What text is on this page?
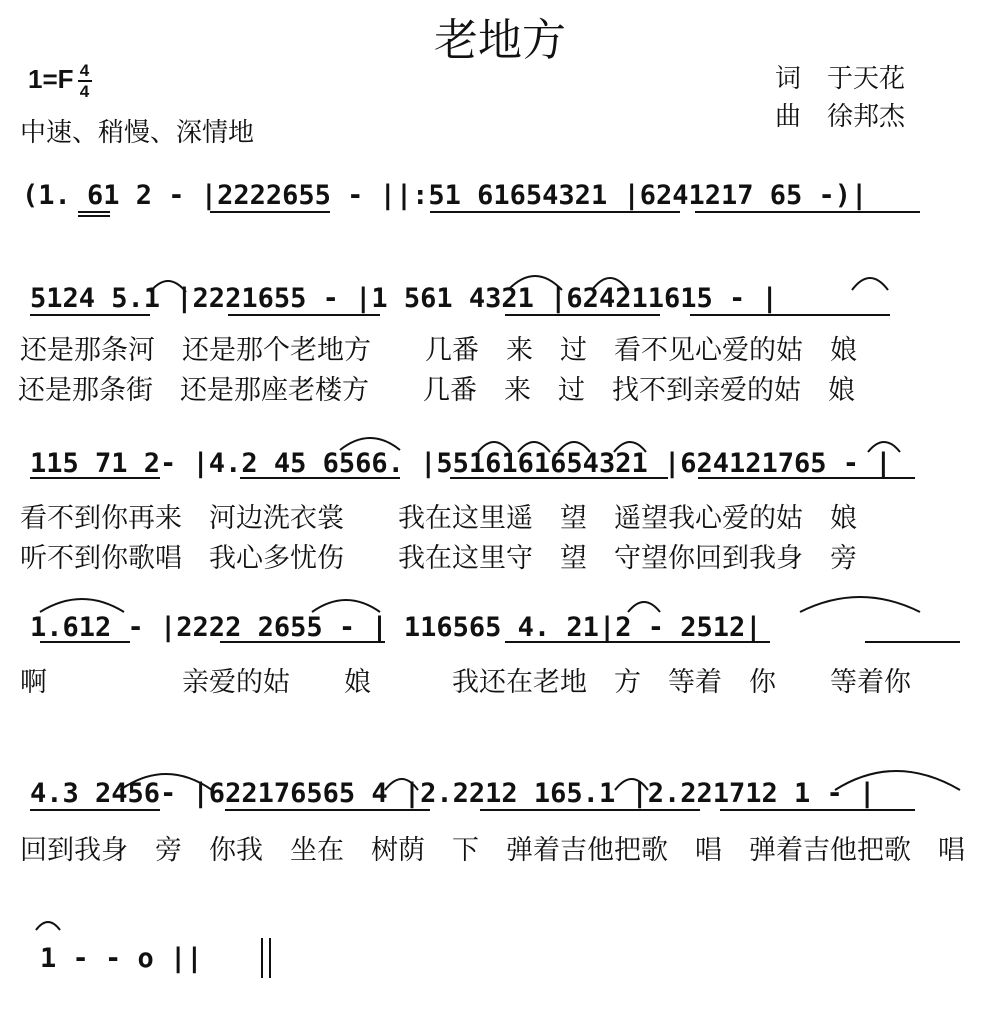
老地方
$1=F \frac{4}{4}$
中速、稍慢、深情地
词　于天花
曲　徐邦杰
(1. 61 2 - |2222655 - ||:51 61654321 |6241217 65 -)|
5124 5.1 |2221655 - |1 561 4321 |624211615 - |
还是那条河　还是那个老地方　　几番　来　过　看不见心爱的姑　娘
还是那条街　还是那座老楼方　　几番　来　过　找不到亲爱的姑　娘
115 71 2- |4.2 45 6566. |5516161654321 |624121765 - |
看不到你再来　河边洗衣裳　　我在这里遥　望　遥望我心爱的姑　娘
听不到你歌唱　我心多忧伤　　我在这里守　望　守望你回到我身　旁
1.612 - |2222 2655 - | 116565 4. 21|2 - 2512|
啊　　　　　亲爱的姑　　娘　　　我还在老地　方　等着　你　　等着你
4.3 2456- |622176565 4 |2.2212 165.1 |2.221712 1 - |
回到我身　旁　你我　坐在　树荫　下　弹着吉他把歌　唱　弹着吉他把歌　唱
1 - - o ||
